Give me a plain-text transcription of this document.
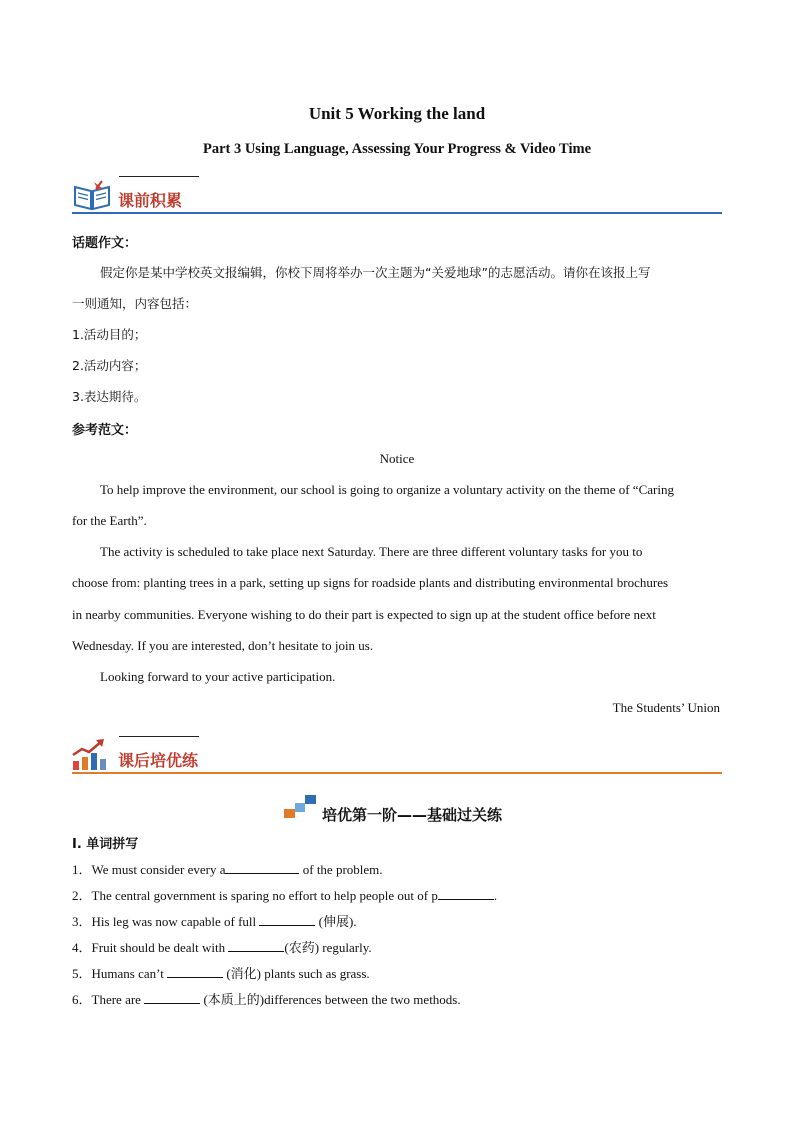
Unit 5 Working the land
Part 3 Using Language, Assessing Your Progress & Video Time
课前积累
话题作文：
假定你是某中学校英文报编辑，你校下周将举办一次主题为“关爱地球”的志愿活动。请你在该报上写
一则通知，内容包括：
1.活动目的；
2.活动内容；
3.表达期待。
参考范文：
Notice
To help improve the environment, our school is going to organize a voluntary activity on the theme of “Caring
for the Earth”.
The activity is scheduled to take place next Saturday. There are three different voluntary tasks for you to
choose from: planting trees in a park, setting up signs for roadside plants and distributing environmental brochures
in nearby communities. Everyone wishing to do their part is expected to sign up at the student office before next
Wednesday. If you are interested, don’t hesitate to join us.
Looking forward to your active participation.
The Students’ Union
课后培优练
培优第一阶——基础过关练
I. 单词拼写
1．We must consider every a	of the problem.
2．The central government is sparing no effort to help people out of p	.
3．His leg was now capable of full	(伸展).
4．Fruit should be dealt with	(农药) regularly.
5．Humans can’t	(消化) plants such as grass.
6．There are	(本质上的)differences between the two methods.
